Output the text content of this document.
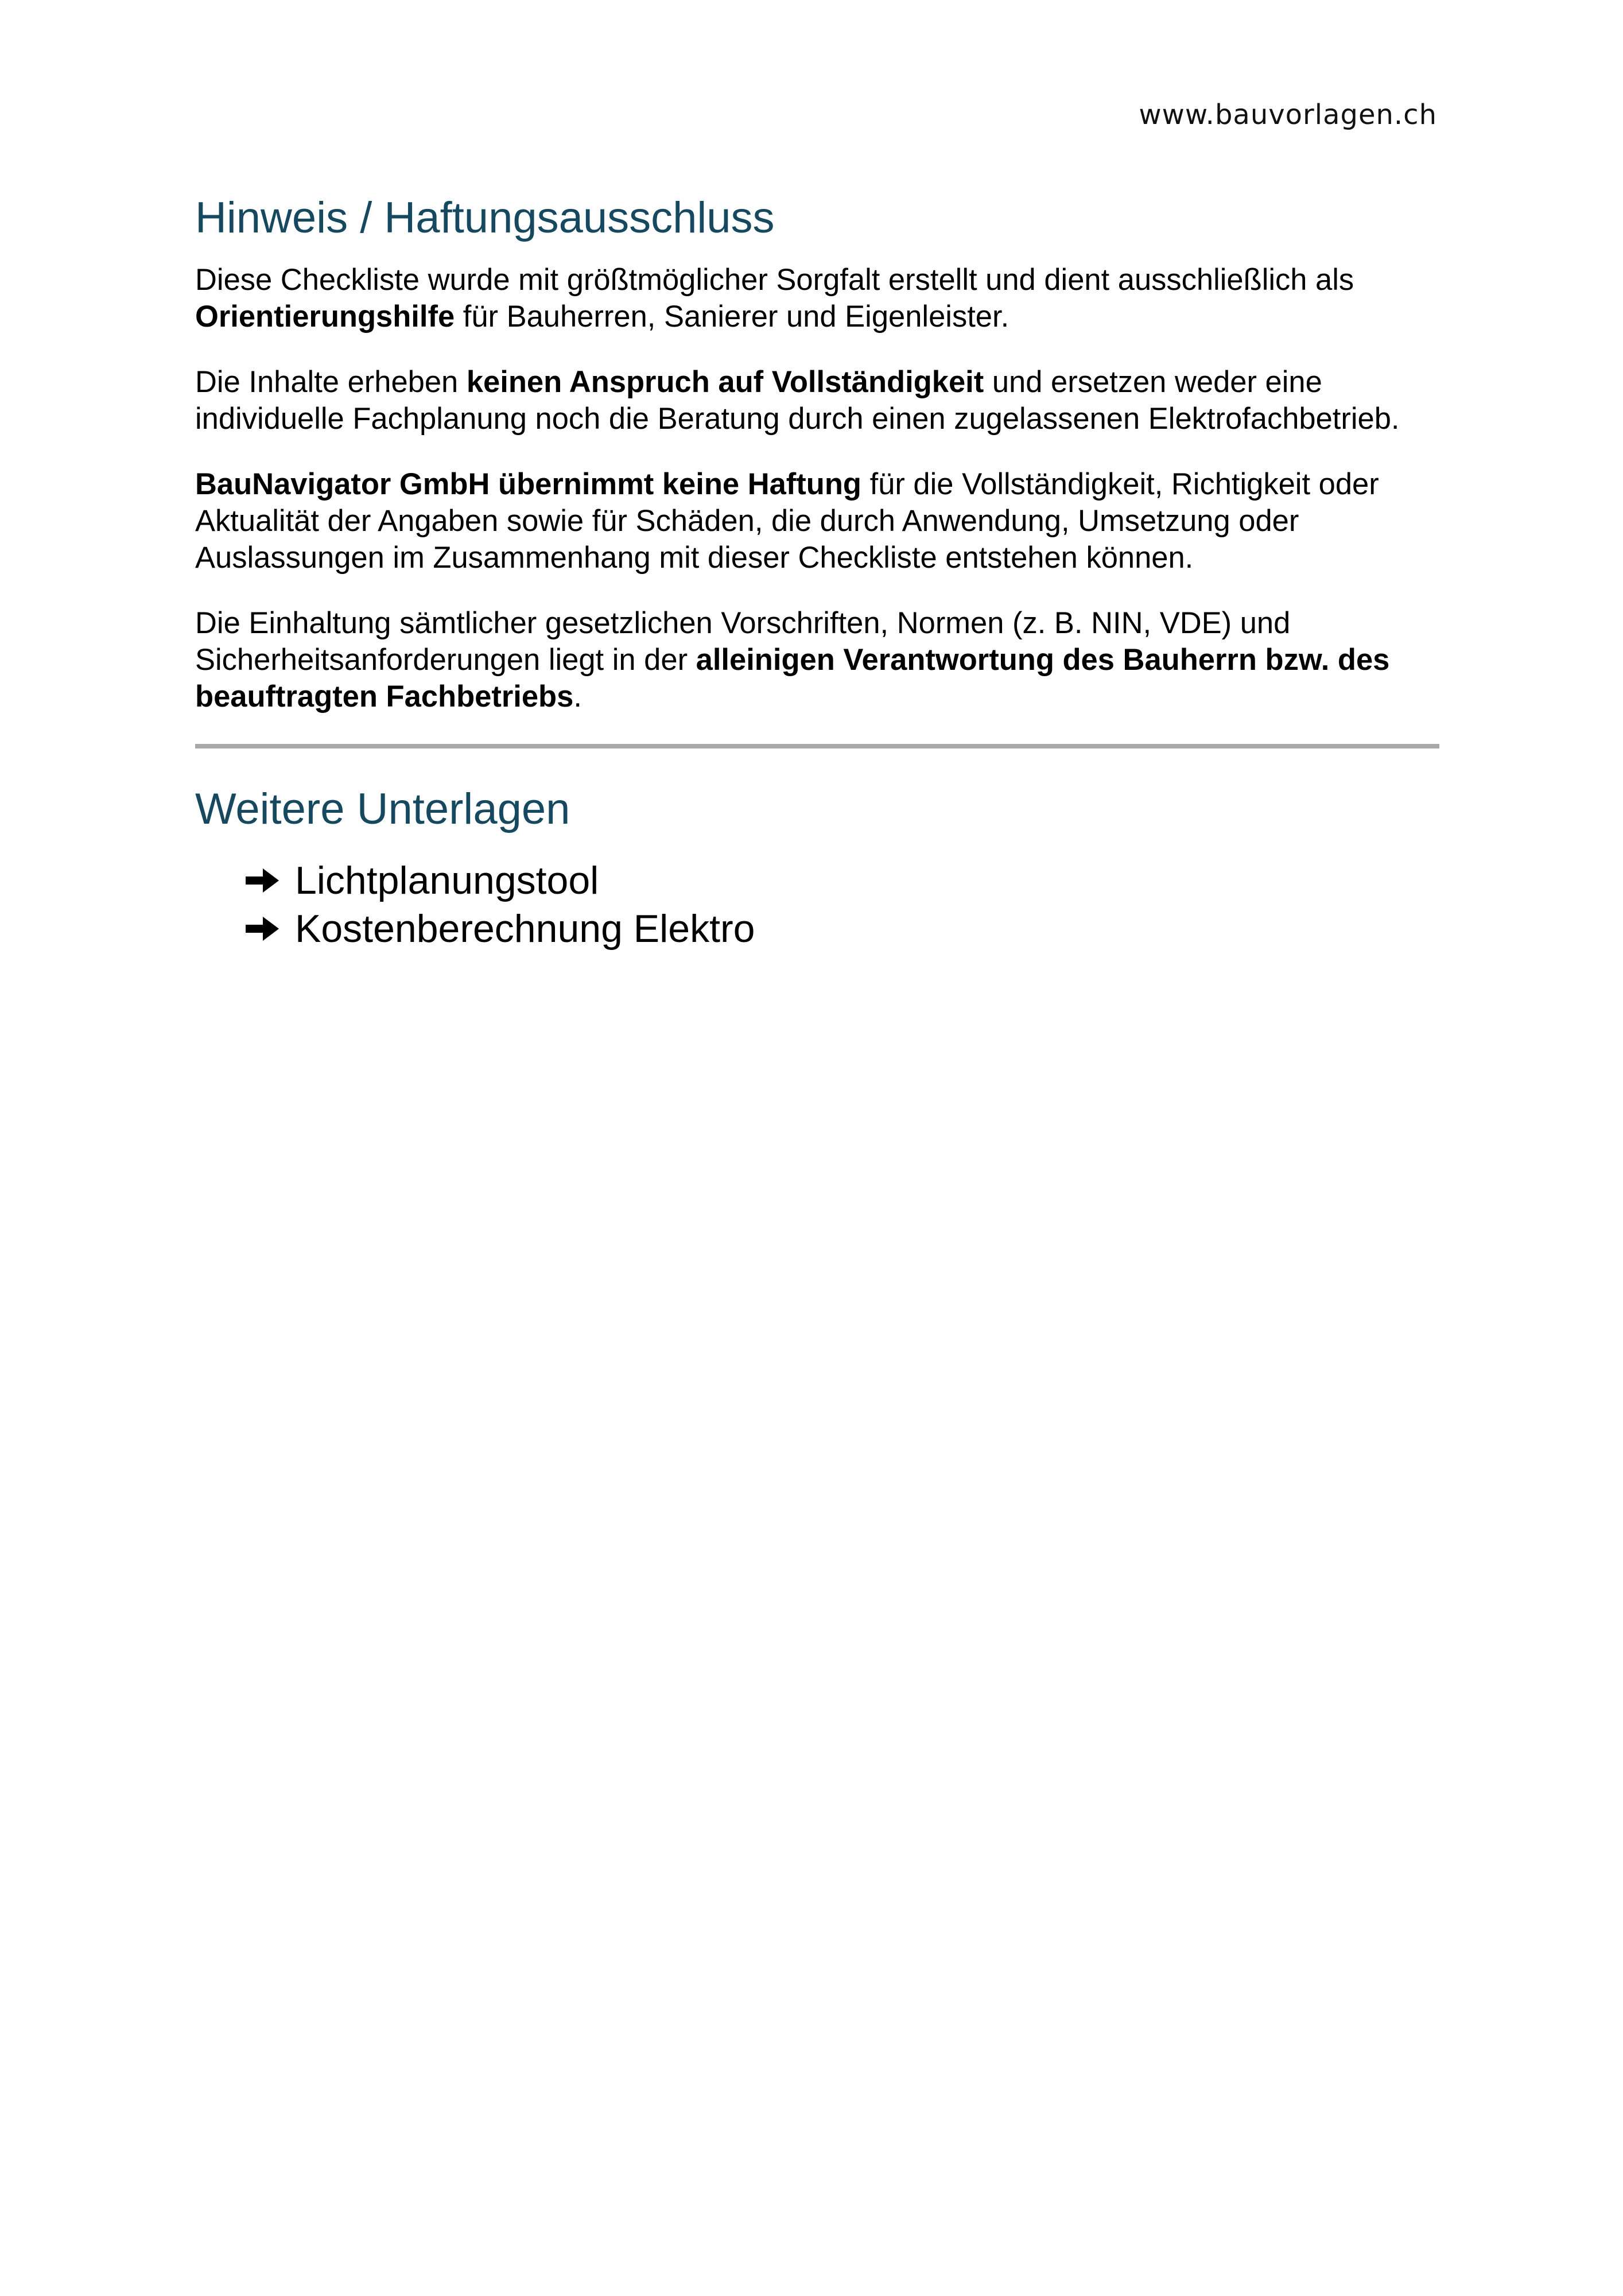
www.bauvorlagen.ch
Hinweis / Haftungsausschluss

Diese Checkliste wurde mit größtmöglicher Sorgfalt erstellt und dient ausschließlich als Orientierungshilfe für Bauherren, Sanierer und Eigenleister.

Die Inhalte erheben keinen Anspruch auf Vollständigkeit und ersetzen weder eine individuelle Fachplanung noch die Beratung durch einen zugelassenen Elektrofachbetrieb.

BauNavigator GmbH übernimmt keine Haftung für die Vollständigkeit, Richtigkeit oder Aktualität der Angaben sowie für Schäden, die durch Anwendung, Umsetzung oder Auslassungen im Zusammenhang mit dieser Checkliste entstehen können.

Die Einhaltung sämtlicher gesetzlichen Vorschriften, Normen (z. B. NIN, VDE) und Sicherheitsanforderungen liegt in der alleinigen Verantwortung des Bauherrn bzw. des beauftragten Fachbetriebs.

Weitere Unterlagen
Lichtplanungstool
Kostenberechnung Elektro
